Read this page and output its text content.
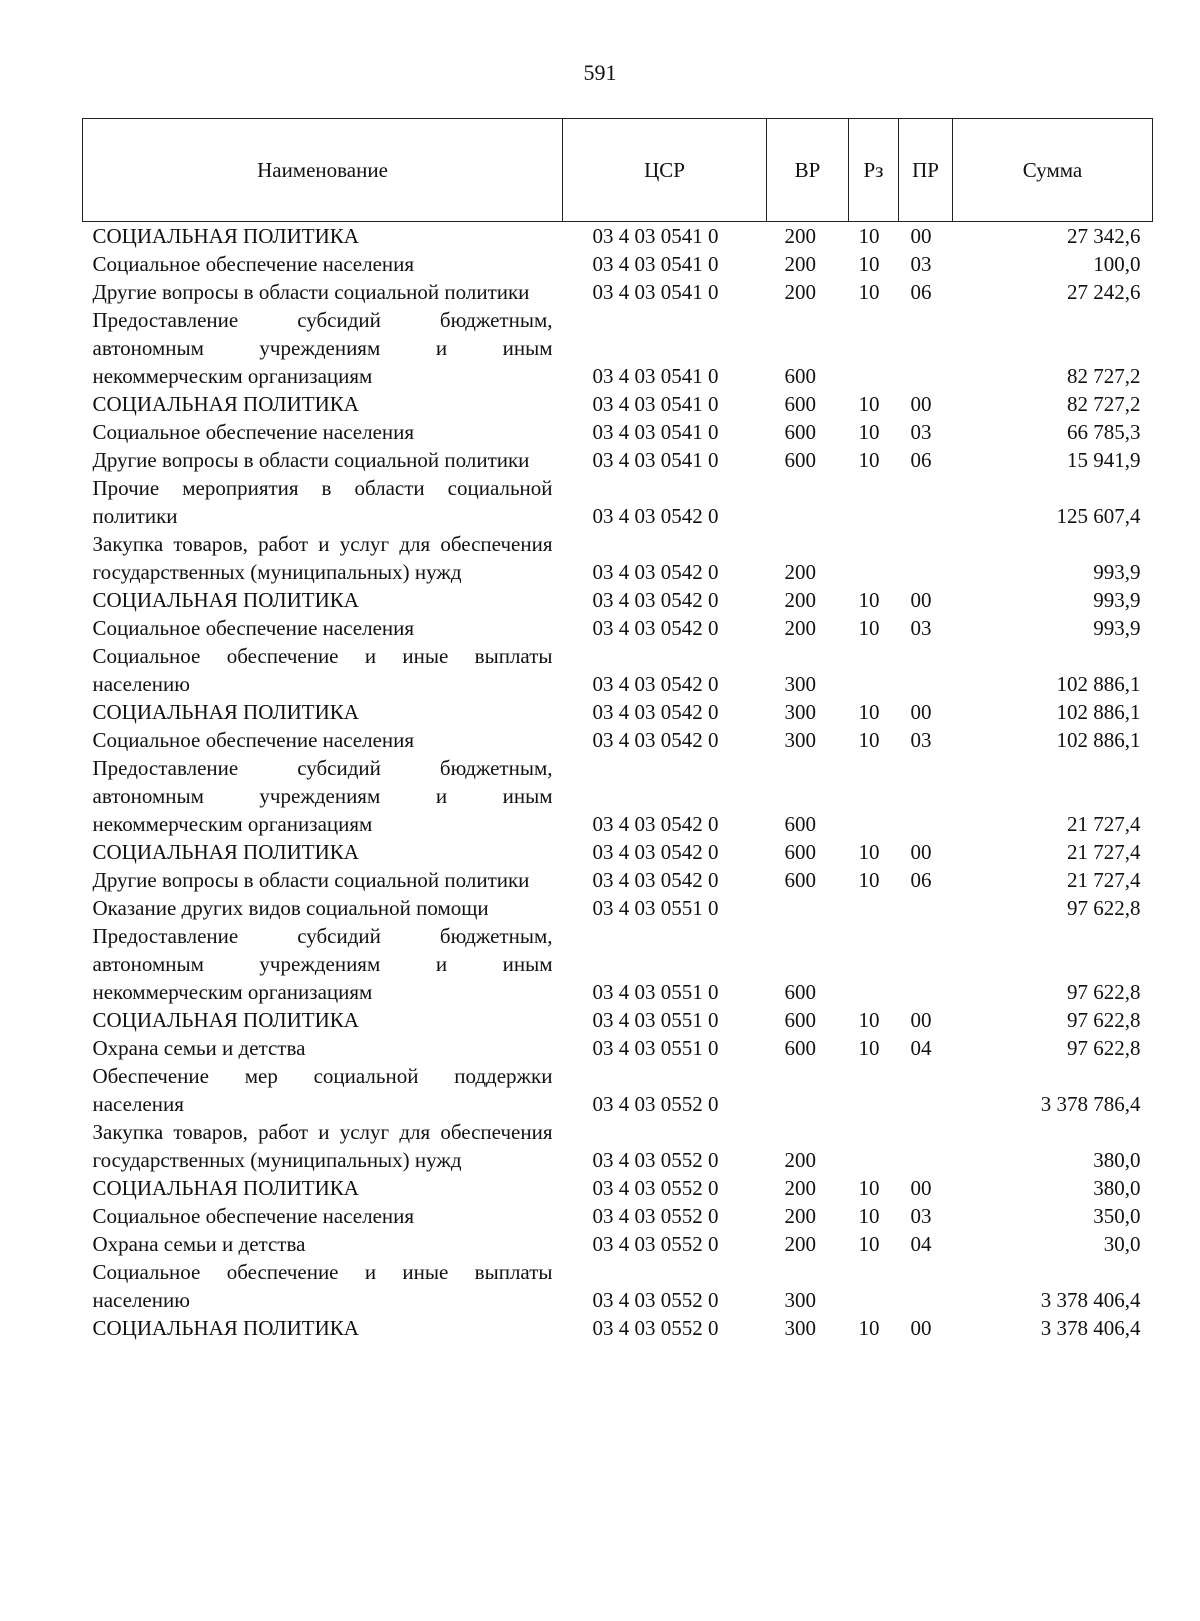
591
Наименование	ЦСР	ВР	Рз	ПР	Сумма
СОЦИАЛЬНАЯ ПОЛИТИКА	03 4 03 0541 0	200	10	00	27 342,6
Социальное обеспечение населения	03 4 03 0541 0	200	10	03	100,0
Другие вопросы в области социальной политики	03 4 03 0541 0	200	10	06	27 242,6
Предоставление субсидий бюджетным, автономным учреждениям и иным некоммерческим организациям	03 4 03 0541 0	600			82 727,2
СОЦИАЛЬНАЯ ПОЛИТИКА	03 4 03 0541 0	600	10	00	82 727,2
Социальное обеспечение населения	03 4 03 0541 0	600	10	03	66 785,3
Другие вопросы в области социальной политики	03 4 03 0541 0	600	10	06	15 941,9
Прочие мероприятия в области социальной политики	03 4 03 0542 0				125 607,4
Закупка товаров, работ и услуг для обеспечения государственных (муниципальных) нужд	03 4 03 0542 0	200			993,9
СОЦИАЛЬНАЯ ПОЛИТИКА	03 4 03 0542 0	200	10	00	993,9
Социальное обеспечение населения	03 4 03 0542 0	200	10	03	993,9
Социальное обеспечение и иные выплаты населению	03 4 03 0542 0	300			102 886,1
СОЦИАЛЬНАЯ ПОЛИТИКА	03 4 03 0542 0	300	10	00	102 886,1
Социальное обеспечение населения	03 4 03 0542 0	300	10	03	102 886,1
Предоставление субсидий бюджетным, автономным учреждениям и иным некоммерческим организациям	03 4 03 0542 0	600			21 727,4
СОЦИАЛЬНАЯ ПОЛИТИКА	03 4 03 0542 0	600	10	00	21 727,4
Другие вопросы в области социальной политики	03 4 03 0542 0	600	10	06	21 727,4
Оказание других видов социальной помощи	03 4 03 0551 0				97 622,8
Предоставление субсидий бюджетным, автономным учреждениям и иным некоммерческим организациям	03 4 03 0551 0	600			97 622,8
СОЦИАЛЬНАЯ ПОЛИТИКА	03 4 03 0551 0	600	10	00	97 622,8
Охрана семьи и детства	03 4 03 0551 0	600	10	04	97 622,8
Обеспечение мер социальной поддержки населения	03 4 03 0552 0				3 378 786,4
Закупка товаров, работ и услуг для обеспечения государственных (муниципальных) нужд	03 4 03 0552 0	200			380,0
СОЦИАЛЬНАЯ ПОЛИТИКА	03 4 03 0552 0	200	10	00	380,0
Социальное обеспечение населения	03 4 03 0552 0	200	10	03	350,0
Охрана семьи и детства	03 4 03 0552 0	200	10	04	30,0
Социальное обеспечение и иные выплаты населению	03 4 03 0552 0	300			3 378 406,4
СОЦИАЛЬНАЯ ПОЛИТИКА	03 4 03 0552 0	300	10	00	3 378 406,4
